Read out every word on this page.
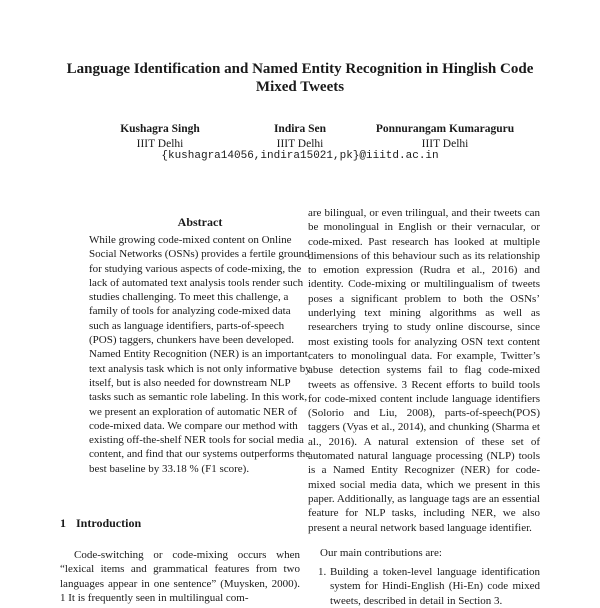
Language Identification and Named Entity Recognition in Hinglish Code Mixed Tweets
Kushagra Singh
IIIT Delhi
Indira Sen
IIIT Delhi
Ponnurangam Kumaraguru
IIIT Delhi
{kushagra14056,indira15021,pk}@iiitd.ac.in
Abstract

While growing code-mixed content on Online Social Networks (OSNs) provides a fertile ground for studying various aspects of code-mixing, the lack of automated text analysis tools render such studies challenging. To meet this challenge, a family of tools for analyzing code-mixed data such as language identifiers, parts-of-speech (POS) taggers, chunkers have been developed. Named Entity Recognition (NER) is an important text analysis task which is not only informative by itself, but is also needed for downstream NLP tasks such as semantic role labeling. In this work, we present an exploration of automatic NER of code-mixed data. We compare our method with existing off-the-shelf NER tools for social media content, and find that our systems outperforms the best baseline by 33.18 % (F1 score).

1 Introduction

Code-switching or code-mixing occurs when “lexical items and grammatical features from two languages appear in one sentence” (Muysken, 2000). 1 It is frequently seen in multilingual com-

are bilingual, or even trilingual, and their tweets can be monolingual in English or their vernacular, or code-mixed. Past research has looked at multiple dimensions of this behaviour such as its relationship to emotion expression (Rudra et al., 2016) and identity. Code-mixing or multilingualism of tweets poses a significant problem to both the OSNs’ underlying text mining algorithms as well as researchers trying to study online discourse, since most existing tools for analyzing OSN text content caters to monolingual data. For example, Twitter’s abuse detection systems fail to flag code-mixed tweets as offensive. 3 Recent efforts to build tools for code-mixed content include language identifiers (Solorio and Liu, 2008), parts-of-speech(POS) taggers (Vyas et al., 2014), and chunking (Sharma et al., 2016). A natural extension of these set of automated natural language processing (NLP) tools is a Named Entity Recognizer (NER) for code-mixed social media data, which we present in this paper. Additionally, as language tags are an essential feature for NLP tasks, including NER, we also present a neural network based language identifier.

Our main contributions are:

1. Building a token-level language identification system for Hindi-English (Hi-En) code mixed tweets, described in detail in Section 3.
